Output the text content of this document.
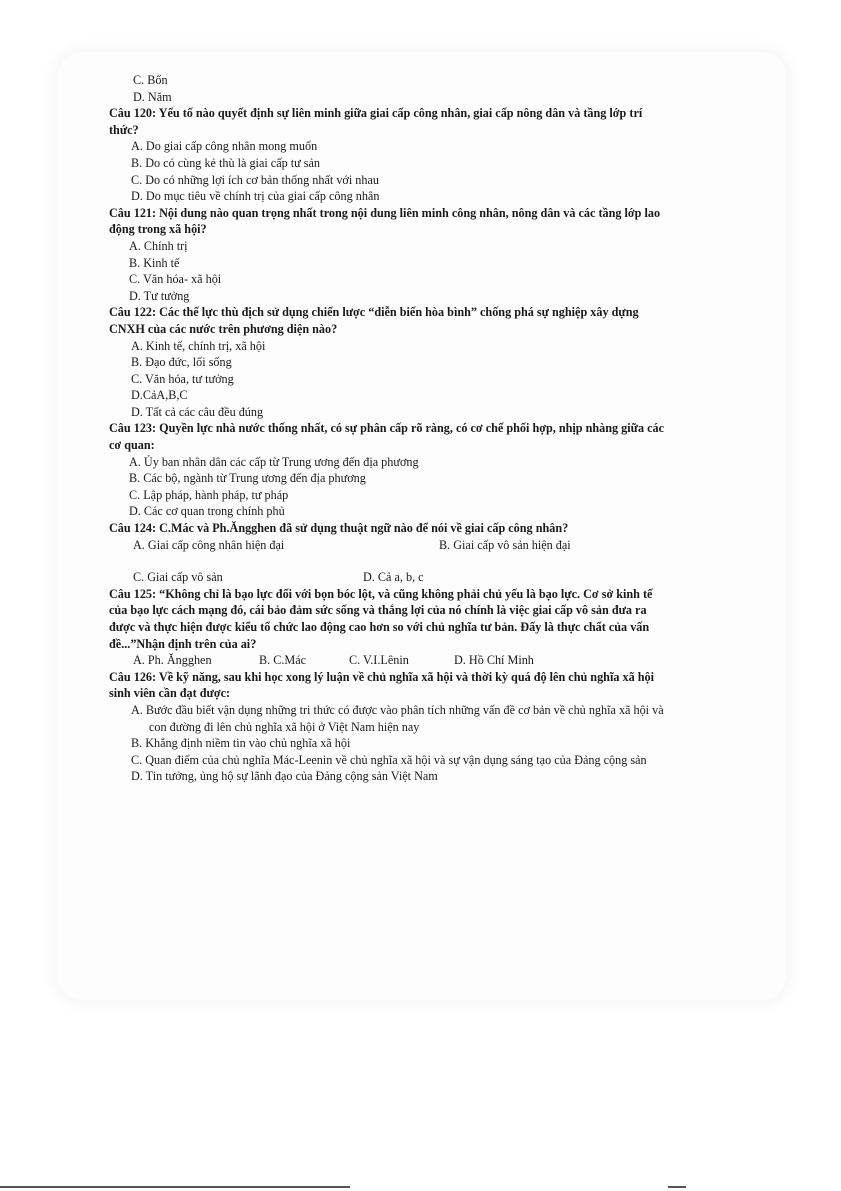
C. Bốn

D. Năm

Câu 120: Yếu tố nào quyết định sự liên minh giữa giai cấp công nhân, giai cấp nông dân và tầng lớp trí thức?

A. Do giai cấp công nhân mong muốn

B. Do có cùng kẻ thù là giai cấp tư sản

C. Do có những lợi ích cơ bản thống nhất với nhau

D. Do mục tiêu về chính trị của giai cấp công nhân

Câu 121: Nội dung nào quan trọng nhất trong nội dung liên minh công nhân, nông dân và các tầng lớp lao động trong xã hội?

A. Chính trị

B. Kinh tế

C. Văn hóa- xã hội

D. Tư tưởng

Câu 122: Các thế lực thù địch sử dụng chiến lược “diễn biến hòa bình” chống phá sự nghiệp xây dựng CNXH của các nước trên phương diện nào?

A. Kinh tế, chính trị, xã hội

B. Đạo đức, lối sống

C. Văn hóa, tư tưởng

D.CảA,B,C

D. Tất cả các câu đều đúng

Câu 123: Quyền lực nhà nước thống nhất, có sự phân cấp rõ ràng, có cơ chế phối hợp, nhịp nhàng giữa các cơ quan:

A. Ủy ban nhân dân các cấp từ Trung ương đến địa phương

B. Các bộ, ngành từ Trung ương đến địa phương

C. Lập pháp, hành pháp, tư pháp

D. Các cơ quan trong chính phủ

Câu 124: C.Mác và Ph.Ăngghen đã sử dụng thuật ngữ nào để nói về giai cấp công nhân?

A. Giai cấp công nhân hiện đại	B. Giai cấp vô sản hiện đại
C. Giai cấp vô sản	D. Cả a, b, c

Câu 125: “Không chỉ là bạo lực đối với bọn bóc lột, và cũng không phải chủ yếu là bạo lực. Cơ sở kinh tế của bạo lực cách mạng đó, cái bảo đảm sức sống và thắng lợi của nó chính là việc giai cấp vô sản đưa ra được và thực hiện được kiểu tổ chức lao động cao hơn so với chủ nghĩa tư bản. Đấy là thực chất của vấn đề...”Nhận định trên của ai?

A. Ph. Ăngghen	B. C.Mác	C. V.I.Lênin	D. Hồ Chí Minh

Câu 126: Về kỹ năng, sau khi học xong lý luận về chủ nghĩa xã hội và thời kỳ quá độ lên chủ nghĩa xã hội sinh viên cần đạt được:

A. Bước đầu biết vận dụng những tri thức có được vào phân tích những vấn đề cơ bản về chủ nghĩa xã hội và con đường đi lên chủ nghĩa xã hội ở Việt Nam hiện nay

B. Khẳng định niềm tin vào chủ nghĩa xã hội

C. Quan điểm của chủ nghĩa Mác-Leenin về chủ nghĩa xã hội và sự vận dụng sáng tạo của Đảng cộng sản

D. Tin tưởng, ủng hộ sự lãnh đạo của Đảng cộng sản Việt Nam
